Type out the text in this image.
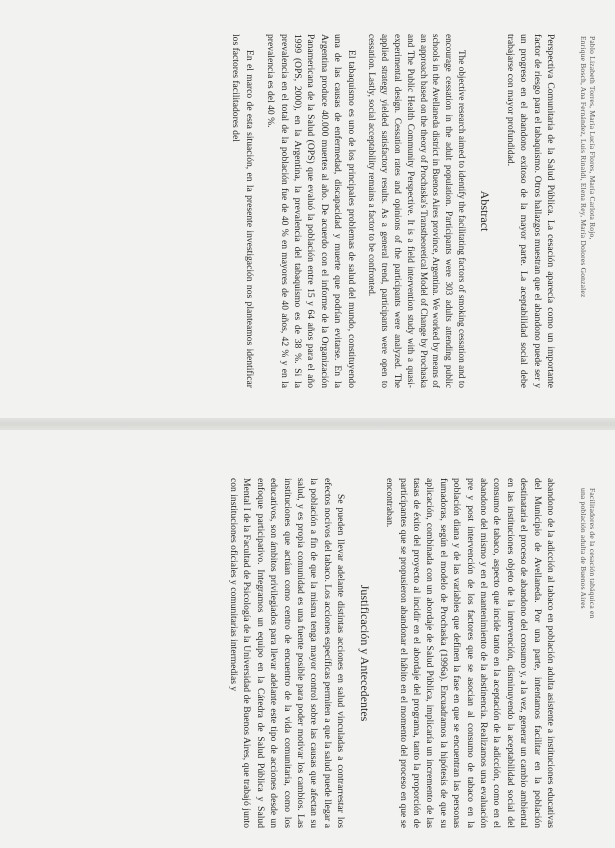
Pablo Lizabeth Torres, María Lucía Flores, María Carlota Rojo,
Enrique Bosch, Ana Fernández, Luis Rinaldi, Elena Rey, María Dolores Gonzalez

Perspectiva Comunitaria de la Salud Pública. La cesación aparecía como un importante factor de riesgo para el tabaquismo. Otros hallazgos muestran que el abandono puede ser y un progreso en el abandono exitoso de la mayor parte. La aceptabilidad social debe trabajarse con mayor profundidad.

Abstract

The objective research aimed to identify the facilitating factors of smoking cessation and to encourage cessation in the adult population. Participants were 303 adults attending public schools in the Avellaneda district in Buenos Aires province, Argentina. We worked by means of an approach based on the theory of Prochaska's Transtheoretical Model of Change by Prochaska and The Public Health Community Perspective. It is a field intervention study with a quasi-experimental design. Cessation rates and opinions of the participants were analyzed. The applied strategy yielded satisfactory results. As a general trend, participants were open to cessation. Lastly, social acceptability remains a factor to be confronted.

El tabaquismo es uno de los principales problemas de salud del mundo, constituyendo una de las causas de enfermedad, discapacidad y muerte que podrían evitarse. En la Argentina produce 40.000 muertes al año. De acuerdo con el informe de la Organización Panamericana de la Salud (OPS) que evaluó la población entre 15 y 64 años para el año 1999 (OPS, 2000), en la Argentina, la prevalencia del tabaquismo es de 38 %. Si la prevalencia en el total de la población fue de 40 % en mayores de 40 años, 42 % y en la prevalencia es del 40 %.

En el marco de esta situación, en la presente investigación nos planteamos identificar los factores facilitadores del

Facilitadores de la cesación tabáquica en
una población adulta de Buenos Aires

abandono de la adicción al tabaco en población adulta asistente a instituciones educativas del Municipio de Avellaneda. Por una parte, intentamos facilitar en la población destinataria el proceso de abandono del consumo y, a la vez, generar un cambio ambiental en las instituciones objeto de la intervención, disminuyendo la aceptabilidad social del consumo de tabaco, aspecto que incide tanto en la aceptación de la adicción, como en el abandono del mismo y en el mantenimiento de la abstinencia. Realizamos una evaluación pre y post intervención de los factores que se asocian al consumo de tabaco en la población diana y de las variables que definen la fase en que se encuentran las personas fumadoras, según el modelo de Prochaska (1996a). Encuadramos la hipótesis de que su aplicación, combinada con un abordaje de Salud Pública, implicaría un incremento de las tasas de éxito del proyecto al incidir en el abordaje del programa, tanto la proporción de participantes que se propusieron abandonar el hábito en el momento del proceso en que se encontraban.

Justificación y Antecedentes

Se pueden llevar adelante distintas acciones en salud vinculadas a contrarrestar los efectos nocivos del tabaco. Los acciones específicas permiten a que la salud puede llegar a la población a fin de que la misma tenga mayor control sobre las causas que afectan su salud, y es propia comunidad es una fuente posible para poder motivar los cambios. Las instituciones que actúan como centro de encuentro de la vida comunitaria, como los educativos, son ámbitos privilegiados para llevar adelante este tipo de acciones desde un enfoque participativo. Integramos un equipo en la Cátedra de Salud Pública y Salud Mental I de la Facultad de Psicología de la Universidad de Buenos Aires, que trabajó junto con instituciones oficiales y comunitarias intermedias y
